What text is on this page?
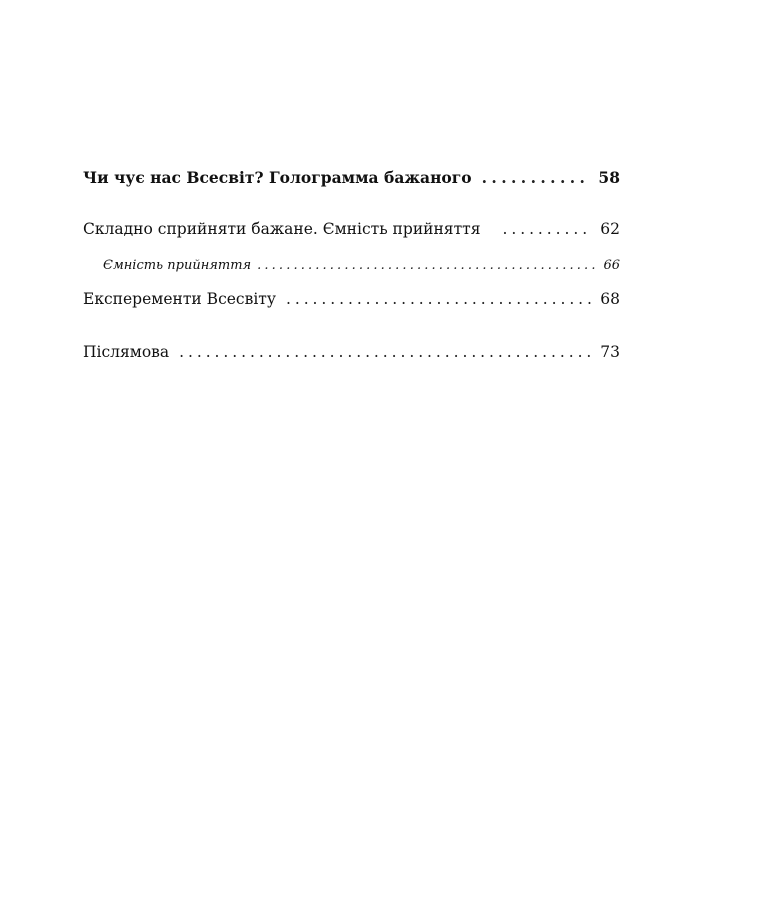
Чи чує нас Всесвіт? Голограмма бажаного . . .	58
Складно сприйняти бажане. Ємність прийняття . . .	62
Ємність прийняття . . .	66
Експеременти Всесвіту . . .	68
Післямова . . .	73
